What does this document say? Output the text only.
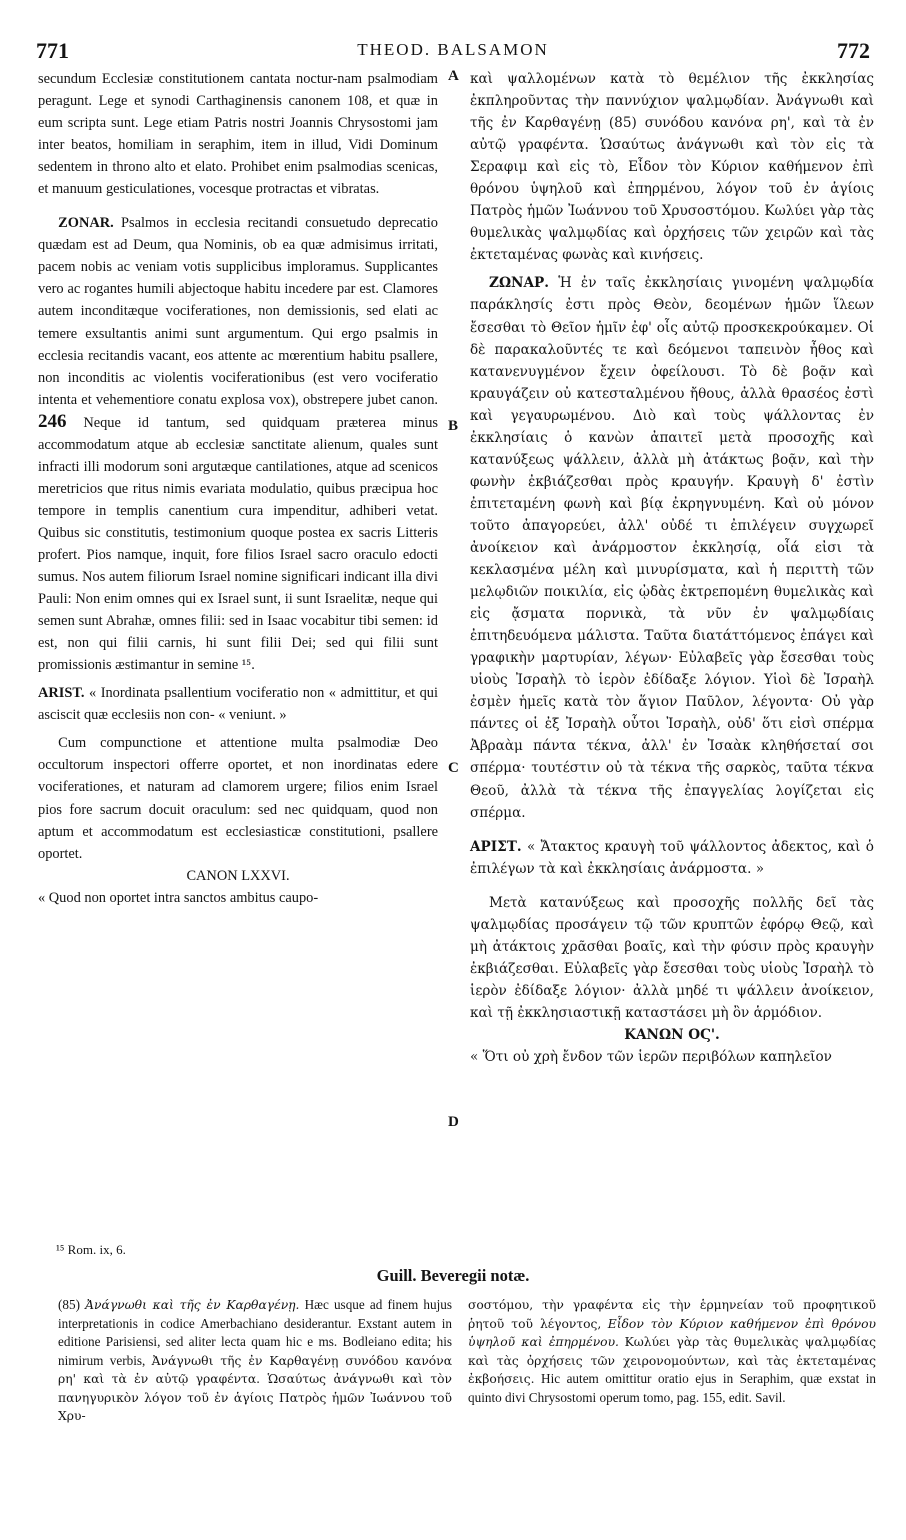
771	THEOD. BALSAMON	772
A
B
C
D

secundum Ecclesiæ constitutionem cantata noctur-nam psalmodiam peragunt. Lege et synodi Carthaginensis canonem 108, et quæ in eum scripta sunt. Lege etiam Patris nostri Joannis Chrysostomi jam inter beatos, homiliam in seraphim, item in illud, Vidi Dominum sedentem in throno alto et elato. Prohibet enim psalmodias scenicas, et manuum gesticulationes, vocesque protractas et vibratas.

ZONAR. Psalmos in ecclesia recitandi consuetudo deprecatio quædam est ad Deum, qua Nominis, ob ea quæ admisimus irritati, pacem nobis ac veniam votis supplicibus imploramus. Supplicantes vero ac rogantes humili abjectoque habitu incedere par est. Clamores autem inconditæque vociferationes, non demissionis, sed elati ac temere exsultantis animi sunt argumentum. Qui ergo psalmis in ecclesia recitandis vacant, eos attente ac mœrentium habitu psallere, non inconditis ac violentis vociferationibus (est vero vociferatio intenta et vehementiore conatu explosa vox), obstrepere jubet canon. 246 Neque id tantum, sed quidquam præterea minus accommodatum atque ab ecclesiæ sanctitate alienum, quales sunt infracti illi modorum soni argutæque cantilationes, atque ad scenicos meretricios que ritus nimis evariata modulatio, quibus præcipua hoc tempore in templis canentium cura impenditur, adhiberi vetat. Quibus sic constitutis, testimonium quoque postea ex sacris Litteris profert. Pios namque, inquit, fore filios Israel sacro oraculo edocti sumus. Nos autem filiorum Israel nomine significari indicant illa divi Pauli: Non enim omnes qui ex Israel sunt, ii sunt Israelitæ, neque qui semen sunt Abrahæ, omnes filii: sed in Isaac vocabitur tibi semen: id est, non qui filii carnis, hi sunt filii Dei; sed qui filii sunt promissionis æstimantur in semine ¹⁵.

ARIST. « Inordinata psallentium vociferatio non « admittitur, et qui asciscit quæ ecclesiis non con- « veniunt. »

Cum compunctione et attentione multa psalmodiæ Deo occultorum inspectori offerre oportet, et non inordinatas edere vociferationes, et naturam ad clamorem urgere; filios enim Israel pios fore sacrum docuit oraculum: sed nec quidquam, quod non aptum et accommodatum est ecclesiasticæ constitutioni, psallere oportet.

CANON LXXVI.

« Quod non oportet intra sanctos ambitus caupo-

καὶ ψαλλομένων κατὰ τὸ θεμέλιον τῆς ἐκκλησίας ἐκπληροῦντας τὴν παννύχιον ψαλμῳδίαν. Ἀνάγνωθι καὶ τῆς ἐν Καρθαγένῃ (85) συνόδου κανόνα ρη', καὶ τὰ ἐν αὐτῷ γραφέντα. Ὡσαύτως ἀνάγνωθι καὶ τὸν εἰς τὰ Σεραφιμ καὶ εἰς τὸ, Εἶδον τὸν Κύριον καθήμενον ἐπὶ θρόνου ὑψηλοῦ καὶ ἐπηρμένου, λόγον τοῦ ἐν ἁγίοις Πατρὸς ἡμῶν Ἰωάννου τοῦ Χρυσοστόμου. Κωλύει γὰρ τὰς θυμελικὰς ψαλμῳδίας καὶ ὀρχήσεις τῶν χειρῶν καὶ τὰς ἐκτεταμένας φωνὰς καὶ κινήσεις.

ΖΩΝΑΡ. Ἡ ἐν ταῖς ἐκκλησίαις γινομένη ψαλμῳδία παράκλησίς ἐστι πρὸς Θεὸν, δεομένων ἡμῶν ἵλεων ἔσεσθαι τὸ Θεῖον ἡμῖν ἐφ' οἷς αὐτῷ προσκεκρούκαμεν. Οἱ δὲ παρακαλοῦντές τε καὶ δεόμενοι ταπεινὸν ἦθος καὶ κατανενυγμένον ἔχειν ὀφείλουσι. Τὸ δὲ βοᾷν καὶ κραυγάζειν οὐ κατεσταλμένου ἤθους, ἀλλὰ θρασέος ἐστὶ καὶ γεγαυρωμένου. Διὸ καὶ τοὺς ψάλλοντας ἐν ἐκκλησίαις ὁ κανὼν ἀπαιτεῖ μετὰ προσοχῆς καὶ κατανύξεως ψάλλειν, ἀλλὰ μὴ ἀτάκτως βοᾷν, καὶ τὴν φωνὴν ἐκβιάζεσθαι πρὸς κραυγήν. Κραυγὴ δ' ἐστὶν ἐπιτεταμένη φωνὴ καὶ βίᾳ ἐκρηγνυμένη. Καὶ οὐ μόνον τοῦτο ἀπαγορεύει, ἀλλ' οὐδέ τι ἐπιλέγειν συγχωρεῖ ἀνοίκειον καὶ ἀνάρμοστον ἐκκλησίᾳ, οἷά εἰσι τὰ κεκλασμένα μέλη καὶ μινυρίσματα, καὶ ἡ περιττὴ τῶν μελῳδιῶν ποικιλία, εἰς ᾠδὰς ἐκτρεπομένη θυμελικὰς καὶ εἰς ᾄσματα πορνικὰ, τὰ νῦν ἐν ψαλμῳδίαις ἐπιτηδευόμενα μάλιστα. Ταῦτα διατάττόμενος ἐπάγει καὶ γραφικὴν μαρτυρίαν, λέγων· Εὐλαβεῖς γὰρ ἔσεσθαι τοὺς υἱοὺς Ἰσραὴλ τὸ ἱερὸν ἐδίδαξε λόγιον. Υἱοὶ δὲ Ἰσραὴλ ἐσμὲν ἡμεῖς κατὰ τὸν ἅγιον Παῦλον, λέγοντα· Οὐ γὰρ πάντες οἱ ἐξ Ἰσραὴλ οὗτοι Ἰσραὴλ, οὐδ' ὅτι εἰσὶ σπέρμα Ἀβραὰμ πάντα τέκνα, ἀλλ' ἐν Ἰσαὰκ κληθήσεταί σοι σπέρμα· τουτέστιν οὐ τὰ τέκνα τῆς σαρκὸς, ταῦτα τέκνα Θεοῦ, ἀλλὰ τὰ τέκνα τῆς ἐπαγγελίας λογίζεται εἰς σπέρμα.

ΑΡΙΣΤ. « Ἄτακτος κραυγὴ τοῦ ψάλλοντος ἀδεκτος, καὶ ὁ ἐπιλέγων τὰ καὶ ἐκκλησίαις ἀνάρμοστα. »

Μετὰ κατανύξεως καὶ προσοχῆς πολλῆς δεῖ τὰς ψαλμῳδίας προσάγειν τῷ τῶν κρυπτῶν ἐφόρῳ Θεῷ, καὶ μὴ ἀτάκτοις χρᾶσθαι βοαῖς, καὶ τὴν φύσιν πρὸς κραυγὴν ἐκβιάζεσθαι. Εὐλαβεῖς γὰρ ἔσεσθαι τοὺς υἱοὺς Ἰσραὴλ τὸ ἱερὸν ἐδίδαξε λόγιον· ἀλλὰ μηδέ τι ψάλλειν ἀνοίκειον, καὶ τῇ ἐκκλησιαστικῇ καταστάσει μὴ ὂν ἁρμόδιον.

ΚΑΝΩΝ ΟϚ'.

« Ὅτι οὐ χρὴ ἔνδον τῶν ἱερῶν περιβόλων καπηλεῖον

¹⁵ Rom. ix, 6.
Guill. Beveregii notæ.

(85) Ἀνάγνωθι καὶ τῆς ἐν Καρθαγένῃ. Hæc usque ad finem hujus interpretationis in codice Amerbachiano desiderantur. Exstant autem in editione Parisiensi, sed aliter lecta quam hic e ms. Bodleiano edita; his nimirum verbis, Ἀνάγνωθι τῆς ἐν Καρθαγένῃ συνόδου κανόνα ρη' καὶ τὰ ἐν αὐτῷ γραφέντα. Ὡσαύτως ἀνάγνωθι καὶ τὸν πανηγυρικὸν λόγον τοῦ ἐν ἁγίοις Πατρὸς ἡμῶν Ἰωάννου τοῦ Χρυ-

σοστόμου, τὴν γραφέντα εἰς τὴν ἑρμηνείαν τοῦ προφητικοῦ ῥητοῦ τοῦ λέγοντος, Εἶδον τὸν Κύριον καθήμενον ἐπὶ θρόνου ὑψηλοῦ καὶ ἐπηρμένου. Κωλύει γὰρ τὰς θυμελικὰς ψαλμῳδίας καὶ τὰς ὀρχήσεις τῶν χειρονομούντων, καὶ τὰς ἐκτεταμένας ἐκβοήσεις. Hic autem omittitur oratio ejus in Seraphim, quæ exstat in quinto divi Chrysostomi operum tomo, pag. 155, edit. Savil.
